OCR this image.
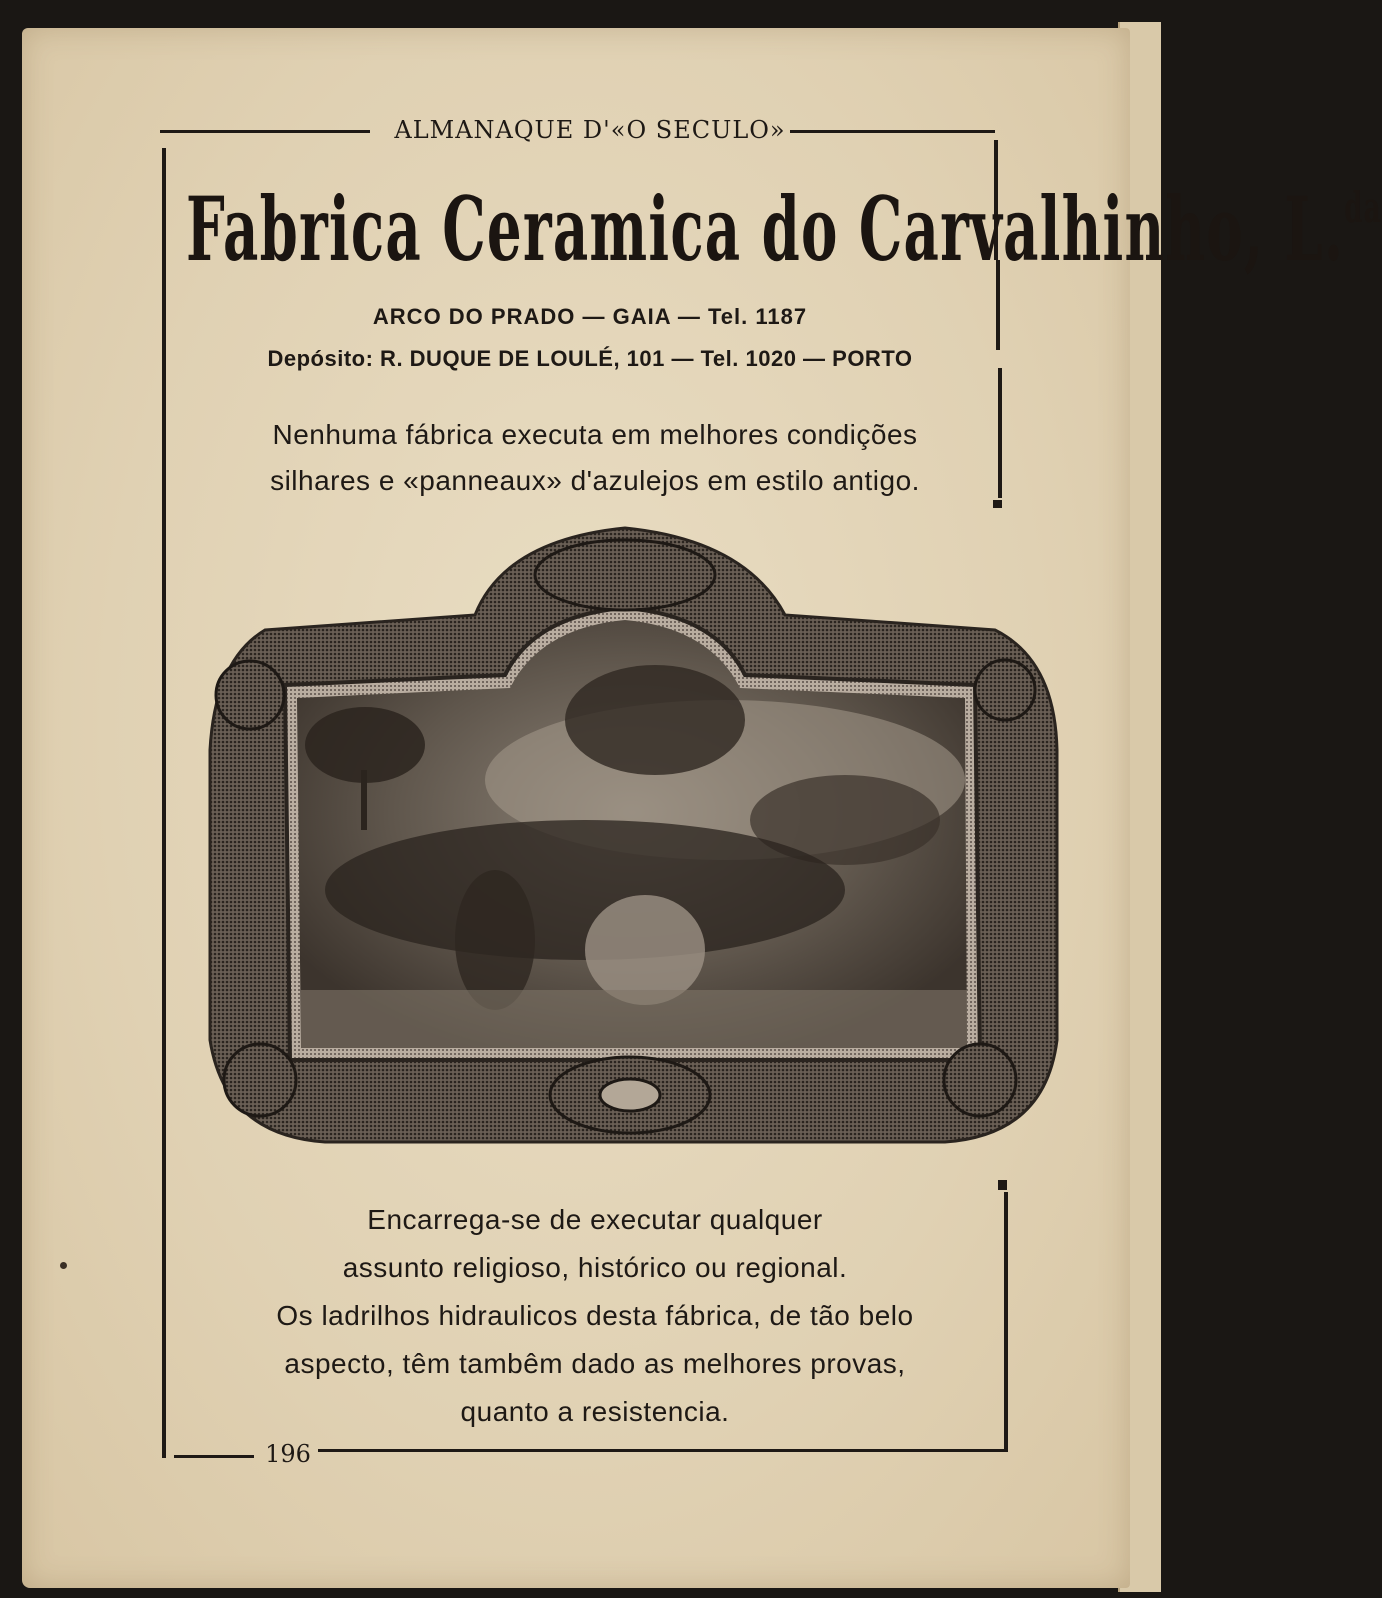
ALMANAQUE D'«O SECULO»
Fabrica Ceramica do Carvalhinho, L.$^{da}$
ARCO DO PRADO — GAIA — Tel. 1187
Depósito: R. DUQUE DE LOULÉ, 101 — Tel. 1020 — PORTO
Nenhuma fábrica executa em melhores condições
silhares e «panneaux» d'azulejos em estilo antigo.
Encarrega-se de executar qualquer
assunto religioso, histórico ou regional.
Os ladrilhos hidraulicos desta fábrica, de tão belo
aspecto, têm tambêm dado as melhores provas,
quanto a resistencia.
196
